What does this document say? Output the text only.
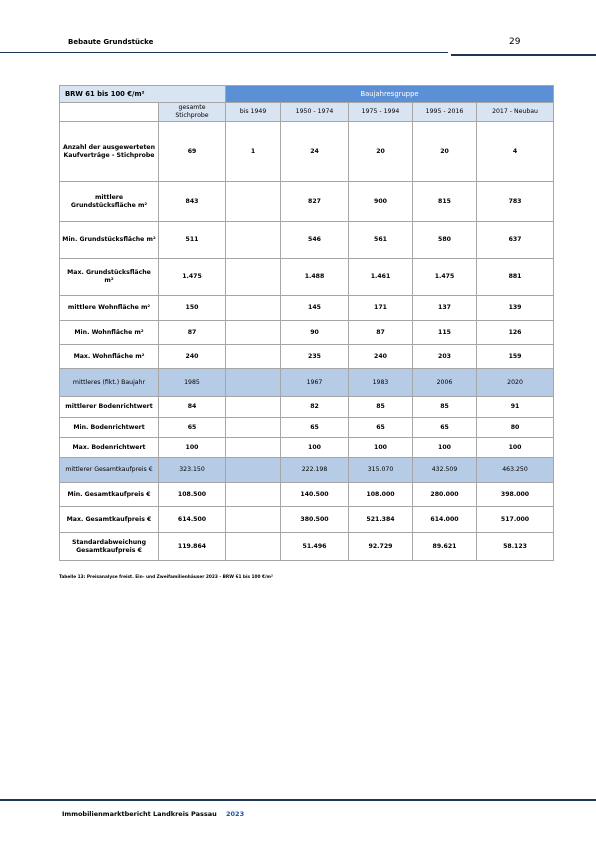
Bebaute Grundstücke	29
BRW 61 bis 100 €/m²		Baujahresgruppe				
	gesamte Stichprobe	bis 1949	1950 - 1974	1975 - 1994	1995 - 2016	2017 - Neubau
Anzahl der ausgewerteten Kaufverträge - Stichprobe	69	1	24	20	20	4
mittlere Grundstücksfläche m²	843		827	900	815	783
Min. Grundstücksfläche m²	511		546	561	580	637
Max. Grundstücksfläche m²	1.475		1.488	1.461	1.475	881
mittlere Wohnfläche m²	150		145	171	137	139
Min. Wohnfläche m²	87		90	87	115	126
Max. Wohnfläche m²	240		235	240	203	159
mittleres (fikt.) Baujahr	1985		1967	1983	2006	2020
mittlerer Bodenrichtwert	84		82	85	85	91
Min. Bodenrichtwert	65		65	65	65	80
Max. Bodenrichtwert	100		100	100	100	100
mittlerer Gesamtkaufpreis €	323.150		222.198	315.070	432.509	463.250
Min. Gesamtkaufpreis €	108.500		140.500	108.000	280.000	398.000
Max. Gesamtkaufpreis €	614.500		380.500	521.384	614.000	517.000
Standardabweichung Gesamtkaufpreis €	119.864		51.496	92.729	89.621	58.123
Tabelle 13: Preisanalyse freist. Ein- und Zweifamilienhäuser 2023 - BRW 61 bis 100 €/m²
Immobilienmarktbericht Landkreis Passau 2023
